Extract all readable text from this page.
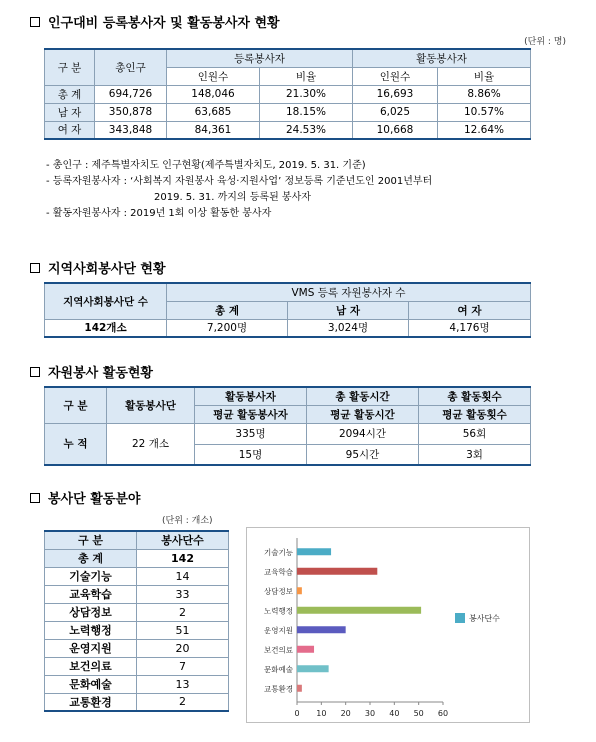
인구대비 등록봉사자 및 활동봉사자 현황
(단위 : 명)
구 분	총인구	등록봉사자		활동봉사자	
		인원수	비율	인원수	비율
총 계	694,726	148,046	21.30%	16,693	8.86%
남 자	350,878	63,685	18.15%	6,025	10.57%
여 자	343,848	84,361	24.53%	10,668	12.64%
- 총인구 : 제주특별자치도 인구현황(제주특별자치도, 2019. 5. 31. 기준)
- 등록자원봉사자 : ‘사회복지 자원봉사 육성·지원사업’ 정보등록 기준년도인 2001년부터
2019. 5. 31. 까지의 등록된 봉사자
- 활동자원봉사자 : 2019년 1회 이상 활동한 봉사자
지역사회봉사단 현황
지역사회봉사단 수	VMS 등록 자원봉사자 수		
	총 계	남 자	여 자
142개소	7,200명	3,024명	4,176명
자원봉사 활동현황
구 분	활동봉사단	활동봉사자	총 활동시간	총 활동횟수
		평균 활동봉사자	평균 활동시간	평균 활동횟수
누 적	22 개소	335명	2094시간	56회
		15명	95시간	3회
봉사단 활동분야
(단위 : 개소)
구 분	봉사단수
총 계	142
기술기능	14
교육학습	33
상담정보	2
노력행정	51
운영지원	20
보건의료	7
문화예술	13
교통환경	2
기술기능
교육학습
상담정보
노력행정
운영지원
보건의료
문화예술
교통환경
0 10 20 30 40 50 60
봉사단수
